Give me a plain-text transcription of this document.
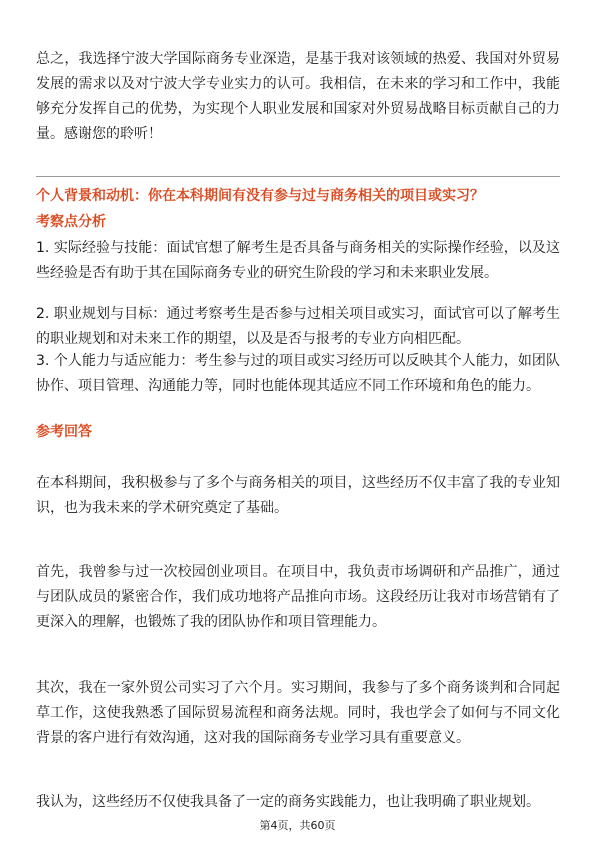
总之，我选择宁波大学国际商务专业深造，是基于我对该领域的热爱、我国对外贸易发展的需求以及对宁波大学专业实力的认可。我相信，在未来的学习和工作中，我能够充分发挥自己的优势，为实现个人职业发展和国家对外贸易战略目标贡献自己的力量。感谢您的聆听！

个人背景和动机：你在本科期间有没有参与过与商务相关的项目或实习？

考察点分析

1. 实际经验与技能：面试官想了解考生是否具备与商务相关的实际操作经验，以及这些经验是否有助于其在国际商务专业的研究生阶段的学习和未来职业发展。

2. 职业规划与目标：通过考察考生是否参与过相关项目或实习，面试官可以了解考生的职业规划和对未来工作的期望，以及是否与报考的专业方向相匹配。

3. 个人能力与适应能力：考生参与过的项目或实习经历可以反映其个人能力，如团队协作、项目管理、沟通能力等，同时也能体现其适应不同工作环境和角色的能力。

参考回答

在本科期间，我积极参与了多个与商务相关的项目，这些经历不仅丰富了我的专业知识，也为我未来的学术研究奠定了基础。

首先，我曾参与过一次校园创业项目。在项目中，我负责市场调研和产品推广，通过与团队成员的紧密合作，我们成功地将产品推向市场。这段经历让我对市场营销有了更深入的理解，也锻炼了我的团队协作和项目管理能力。

其次，我在一家外贸公司实习了六个月。实习期间，我参与了多个商务谈判和合同起草工作，这使我熟悉了国际贸易流程和商务法规。同时，我也学会了如何与不同文化背景的客户进行有效沟通，这对我的国际商务专业学习具有重要意义。

我认为，这些经历不仅使我具备了一定的商务实践能力，也让我明确了职业规划。

第4页，共60页
